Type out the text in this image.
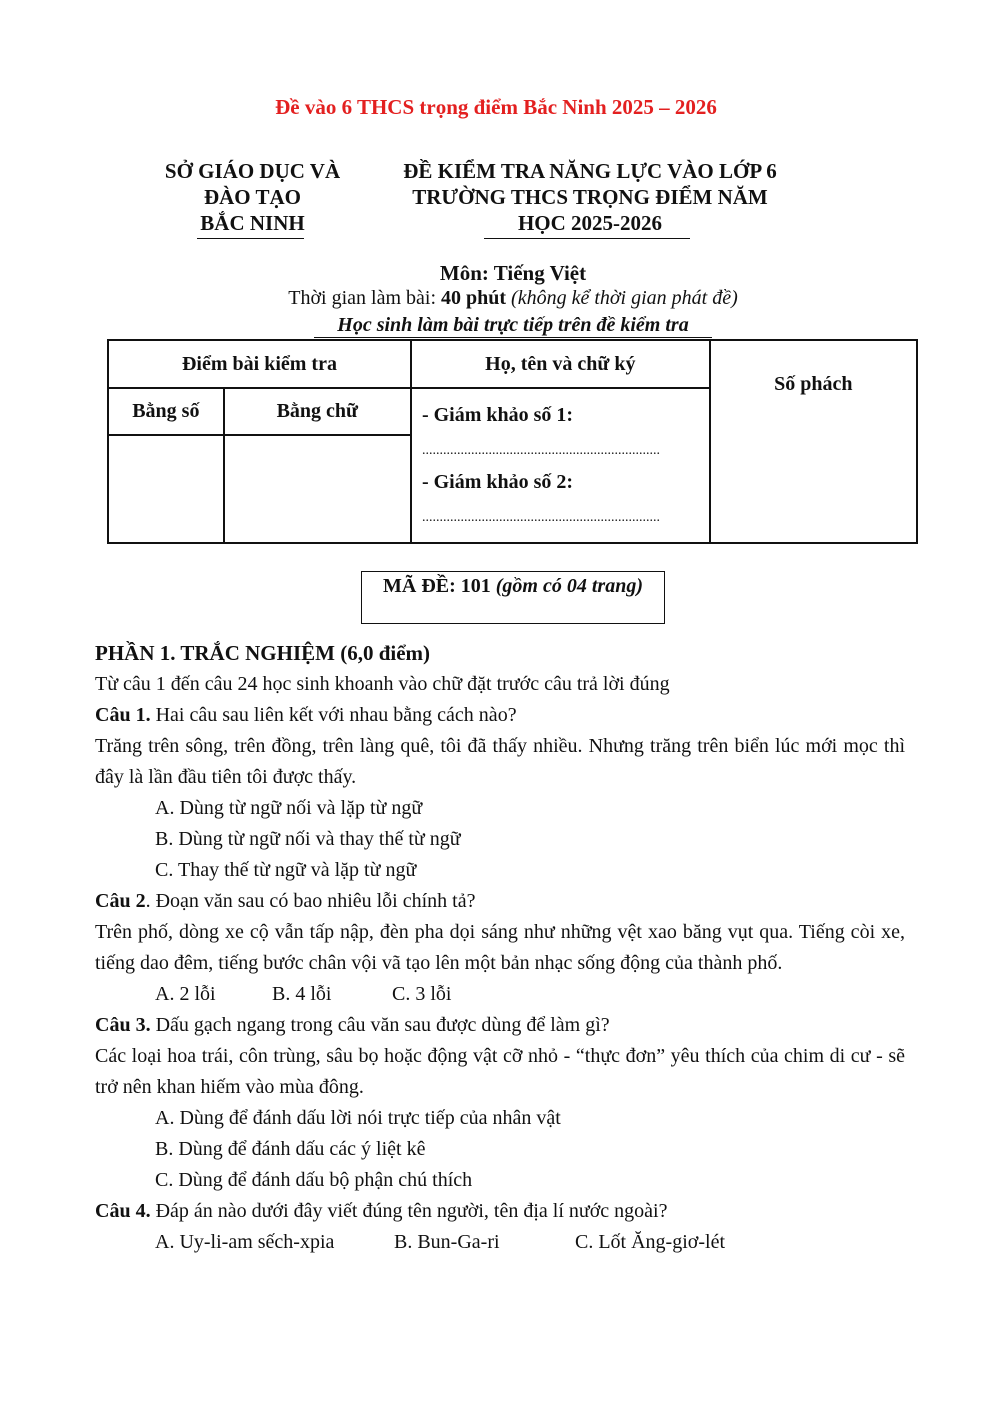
Đề vào 6 THCS trọng điểm Bắc Ninh 2025 – 2026
SỞ GIÁO DỤC VÀ
ĐÀO TẠO
BẮC NINH
ĐỀ KIỂM TRA NĂNG LỰC VÀO LỚP 6
TRƯỜNG THCS TRỌNG ĐIỂM NĂM
HỌC 2025-2026
Môn: Tiếng Việt
Thời gian làm bài: 40 phút (không kể thời gian phát đề)
Học sinh làm bài trực tiếp trên đề kiểm tra
Điểm bài kiểm tra		Họ, tên và chữ ký	Số phách
Bằng số	Bằng chữ	- Giám khảo số 1:
....................................................................
- Giám khảo số 2:
....................................................................	

MÃ ĐỀ: 101 (gồm có 04 trang)

PHẦN 1. TRẮC NGHIỆM (6,0 điểm)

Từ câu 1 đến câu 24 học sinh khoanh vào chữ đặt trước câu trả lời đúng

Câu 1. Hai câu sau liên kết với nhau bằng cách nào?

Trăng trên sông, trên đồng, trên làng quê, tôi đã thấy nhiều. Nhưng trăng trên biển lúc mới mọc thì đây là lần đầu tiên tôi được thấy.

A. Dùng từ ngữ nối và lặp từ ngữ

B. Dùng từ ngữ nối và thay thế từ ngữ

C. Thay thế từ ngữ và lặp từ ngữ

Câu 2. Đoạn văn sau có bao nhiêu lỗi chính tả?

Trên phố, dòng xe cộ vẫn tấp nập, đèn pha dọi sáng như những vệt xao băng vụt qua. Tiếng còi xe, tiếng dao đêm, tiếng bước chân vội vã tạo lên một bản nhạc sống động của thành phố.

A. 2 lỗi	B. 4 lỗi	C. 3 lỗi

Câu 3. Dấu gạch ngang trong câu văn sau được dùng để làm gì?

Các loại hoa trái, côn trùng, sâu bọ hoặc động vật cỡ nhỏ - “thực đơn” yêu thích của chim di cư - sẽ trở nên khan hiếm vào mùa đông.

A. Dùng để đánh dấu lời nói trực tiếp của nhân vật

B. Dùng để đánh dấu các ý liệt kê

C. Dùng để đánh dấu bộ phận chú thích

Câu 4. Đáp án nào dưới đây viết đúng tên người, tên địa lí nước ngoài?

A. Uy-li-am sếch-xpia	B. Bun-Ga-ri	C. Lốt Ăng-giơ-lét
